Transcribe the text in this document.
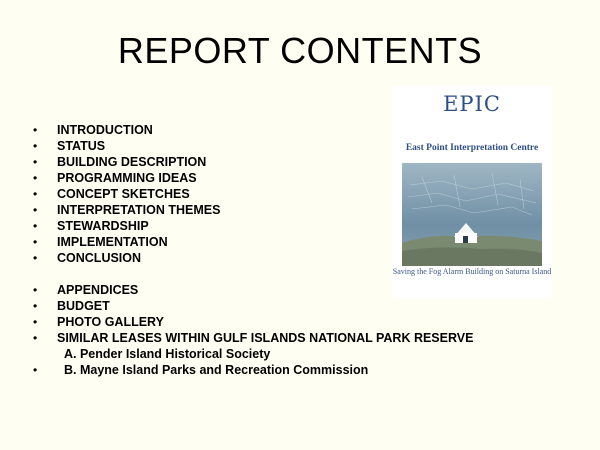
REPORT CONTENTS
• INTRODUCTION
• STATUS
• BUILDING DESCRIPTION
• PROGRAMMING IDEAS
• CONCEPT SKETCHES
• INTERPRETATION THEMES
• STEWARDSHIP
• IMPLEMENTATION
• CONCLUSION
• APPENDICES
• BUDGET
• PHOTO GALLERY
• SIMILAR LEASES WITHIN GULF ISLANDS NATIONAL PARK RESERVE
A. Pender Island Historical Society
• B. Mayne Island Parks and Recreation Commission
EPIC
East Point Interpretation Centre
Saving the Fog Alarm Building on Saturna Island
